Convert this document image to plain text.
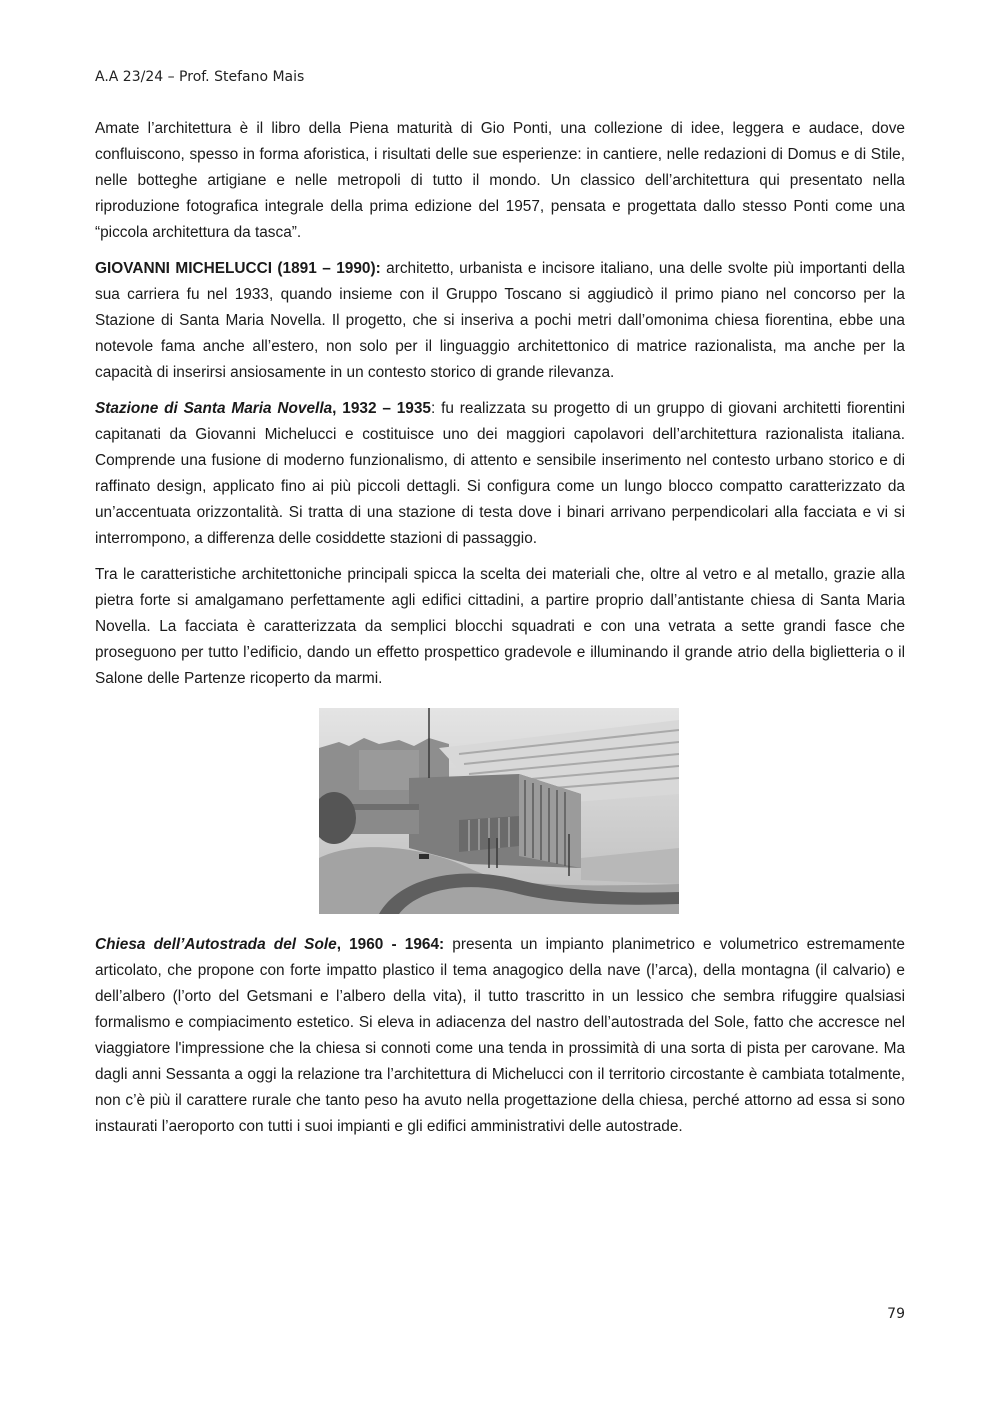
A.A 23/24 – Prof. Stefano Mais

Amate l’architettura è il libro della Piena maturità di Gio Ponti, una collezione di idee, leggera e audace, dove confluiscono, spesso in forma aforistica, i risultati delle sue esperienze: in cantiere, nelle redazioni di Domus e di Stile, nelle botteghe artigiane e nelle metropoli di tutto il mondo. Un classico dell’architettura qui presentato nella riproduzione fotografica integrale della prima edizione del 1957, pensata e progettata dallo stesso Ponti come una “piccola architettura da tasca”.

GIOVANNI MICHELUCCI (1891 – 1990): architetto, urbanista e incisore italiano, una delle svolte più importanti della sua carriera fu nel 1933, quando insieme con il Gruppo Toscano si aggiudicò il primo piano nel concorso per la Stazione di Santa Maria Novella. Il progetto, che si inseriva a pochi metri dall’omonima chiesa fiorentina, ebbe una notevole fama anche all’estero, non solo per il linguaggio architettonico di matrice razionalista, ma anche per la capacità di inserirsi ansiosamente in un contesto storico di grande rilevanza.

Stazione di Santa Maria Novella, 1932 – 1935: fu realizzata su progetto di un gruppo di giovani architetti fiorentini capitanati da Giovanni Michelucci e costituisce uno dei maggiori capolavori dell’architettura razionalista italiana. Comprende una fusione di moderno funzionalismo, di attento e sensibile inserimento nel contesto urbano storico e di raffinato design, applicato fino ai più piccoli dettagli. Si configura come un lungo blocco compatto caratterizzato da un’accentuata orizzontalità. Si tratta di una stazione di testa dove i binari arrivano perpendicolari alla facciata e vi si interrompono, a differenza delle cosiddette stazioni di passaggio.

Tra le caratteristiche architettoniche principali spicca la scelta dei materiali che, oltre al vetro e al metallo, grazie alla pietra forte si amalgamano perfettamente agli edifici cittadini, a partire proprio dall’antistante chiesa di Santa Maria Novella. La facciata è caratterizzata da semplici blocchi squadrati e con una vetrata a sette grandi fasce che proseguono per tutto l’edificio, dando un effetto prospettico gradevole e illuminando il grande atrio della biglietteria o il Salone delle Partenze ricoperto da marmi.

Chiesa dell’Autostrada del Sole, 1960 - 1964: presenta un impianto planimetrico e volumetrico estremamente articolato, che propone con forte impatto plastico il tema anagogico della nave (l’arca), della montagna (il calvario) e dell’albero (l’orto del Getsmani e l’albero della vita), il tutto trascritto in un lessico che sembra rifuggire qualsiasi formalismo e compiacimento estetico. Si eleva in adiacenza del nastro dell’autostrada del Sole, fatto che accresce nel viaggiatore l'impressione che la chiesa si connoti come una tenda in prossimità di una sorta di pista per carovane. Ma dagli anni Sessanta a oggi la relazione tra l’architettura di Michelucci con il territorio circostante è cambiata totalmente, non c’è più il carattere rurale che tanto peso ha avuto nella progettazione della chiesa, perché attorno ad essa si sono instaurati l’aeroporto con tutti i suoi impianti e gli edifici amministrativi delle autostrade.

79
